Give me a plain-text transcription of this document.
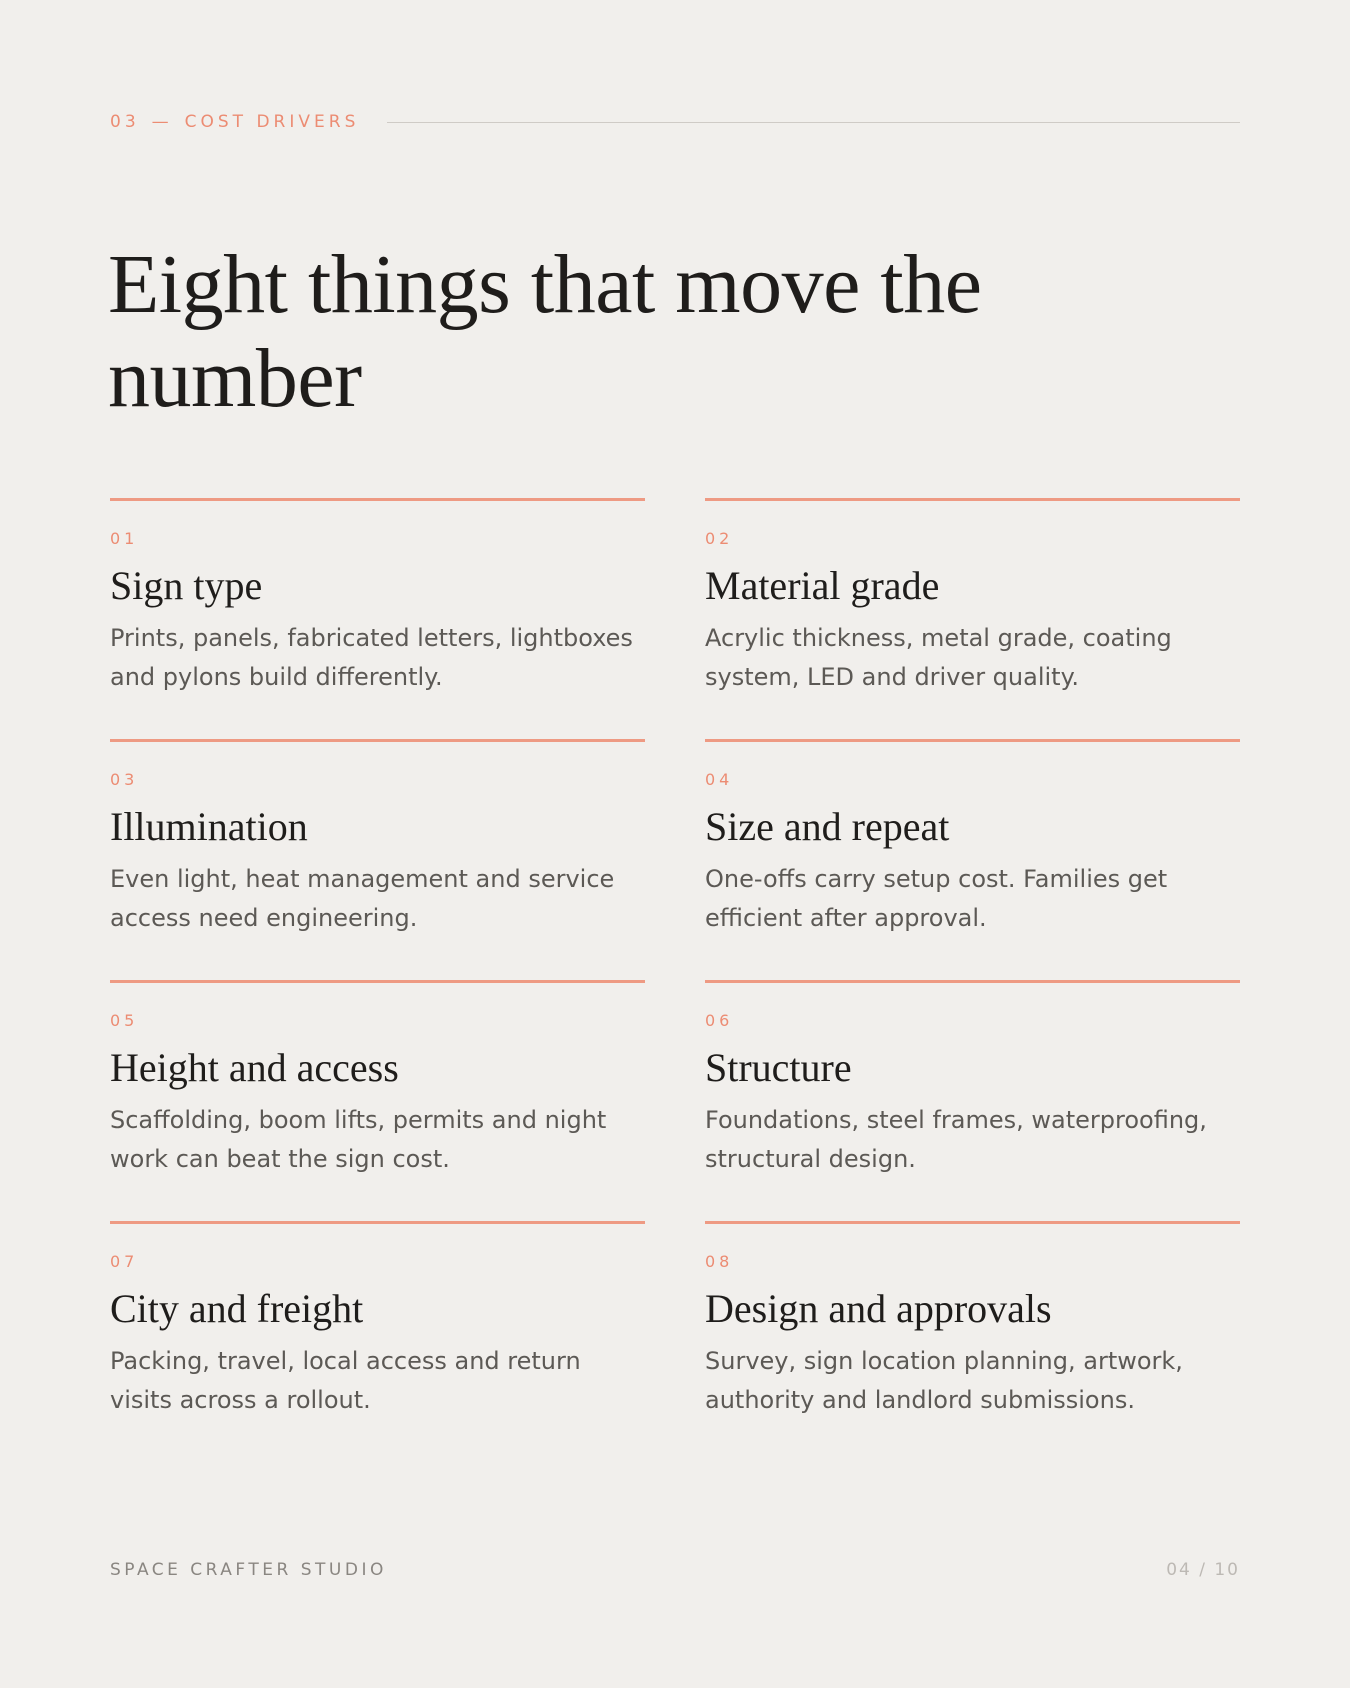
03 — COST DRIVERS
Eight things that move the number
01
Sign type
Prints, panels, fabricated letters, lightboxes and pylons build differently.
02
Material grade
Acrylic thickness, metal grade, coating system, LED and driver quality.
03
Illumination
Even light, heat management and service access need engineering.
04
Size and repeat
One-offs carry setup cost. Families get efficient after approval.
05
Height and access
Scaffolding, boom lifts, permits and night work can beat the sign cost.
06
Structure
Foundations, steel frames, waterproofing, structural design.
07
City and freight
Packing, travel, local access and return visits across a rollout.
08
Design and approvals
Survey, sign location planning, artwork, authority and landlord submissions.
SPACE CRAFTER STUDIO	04 / 10
